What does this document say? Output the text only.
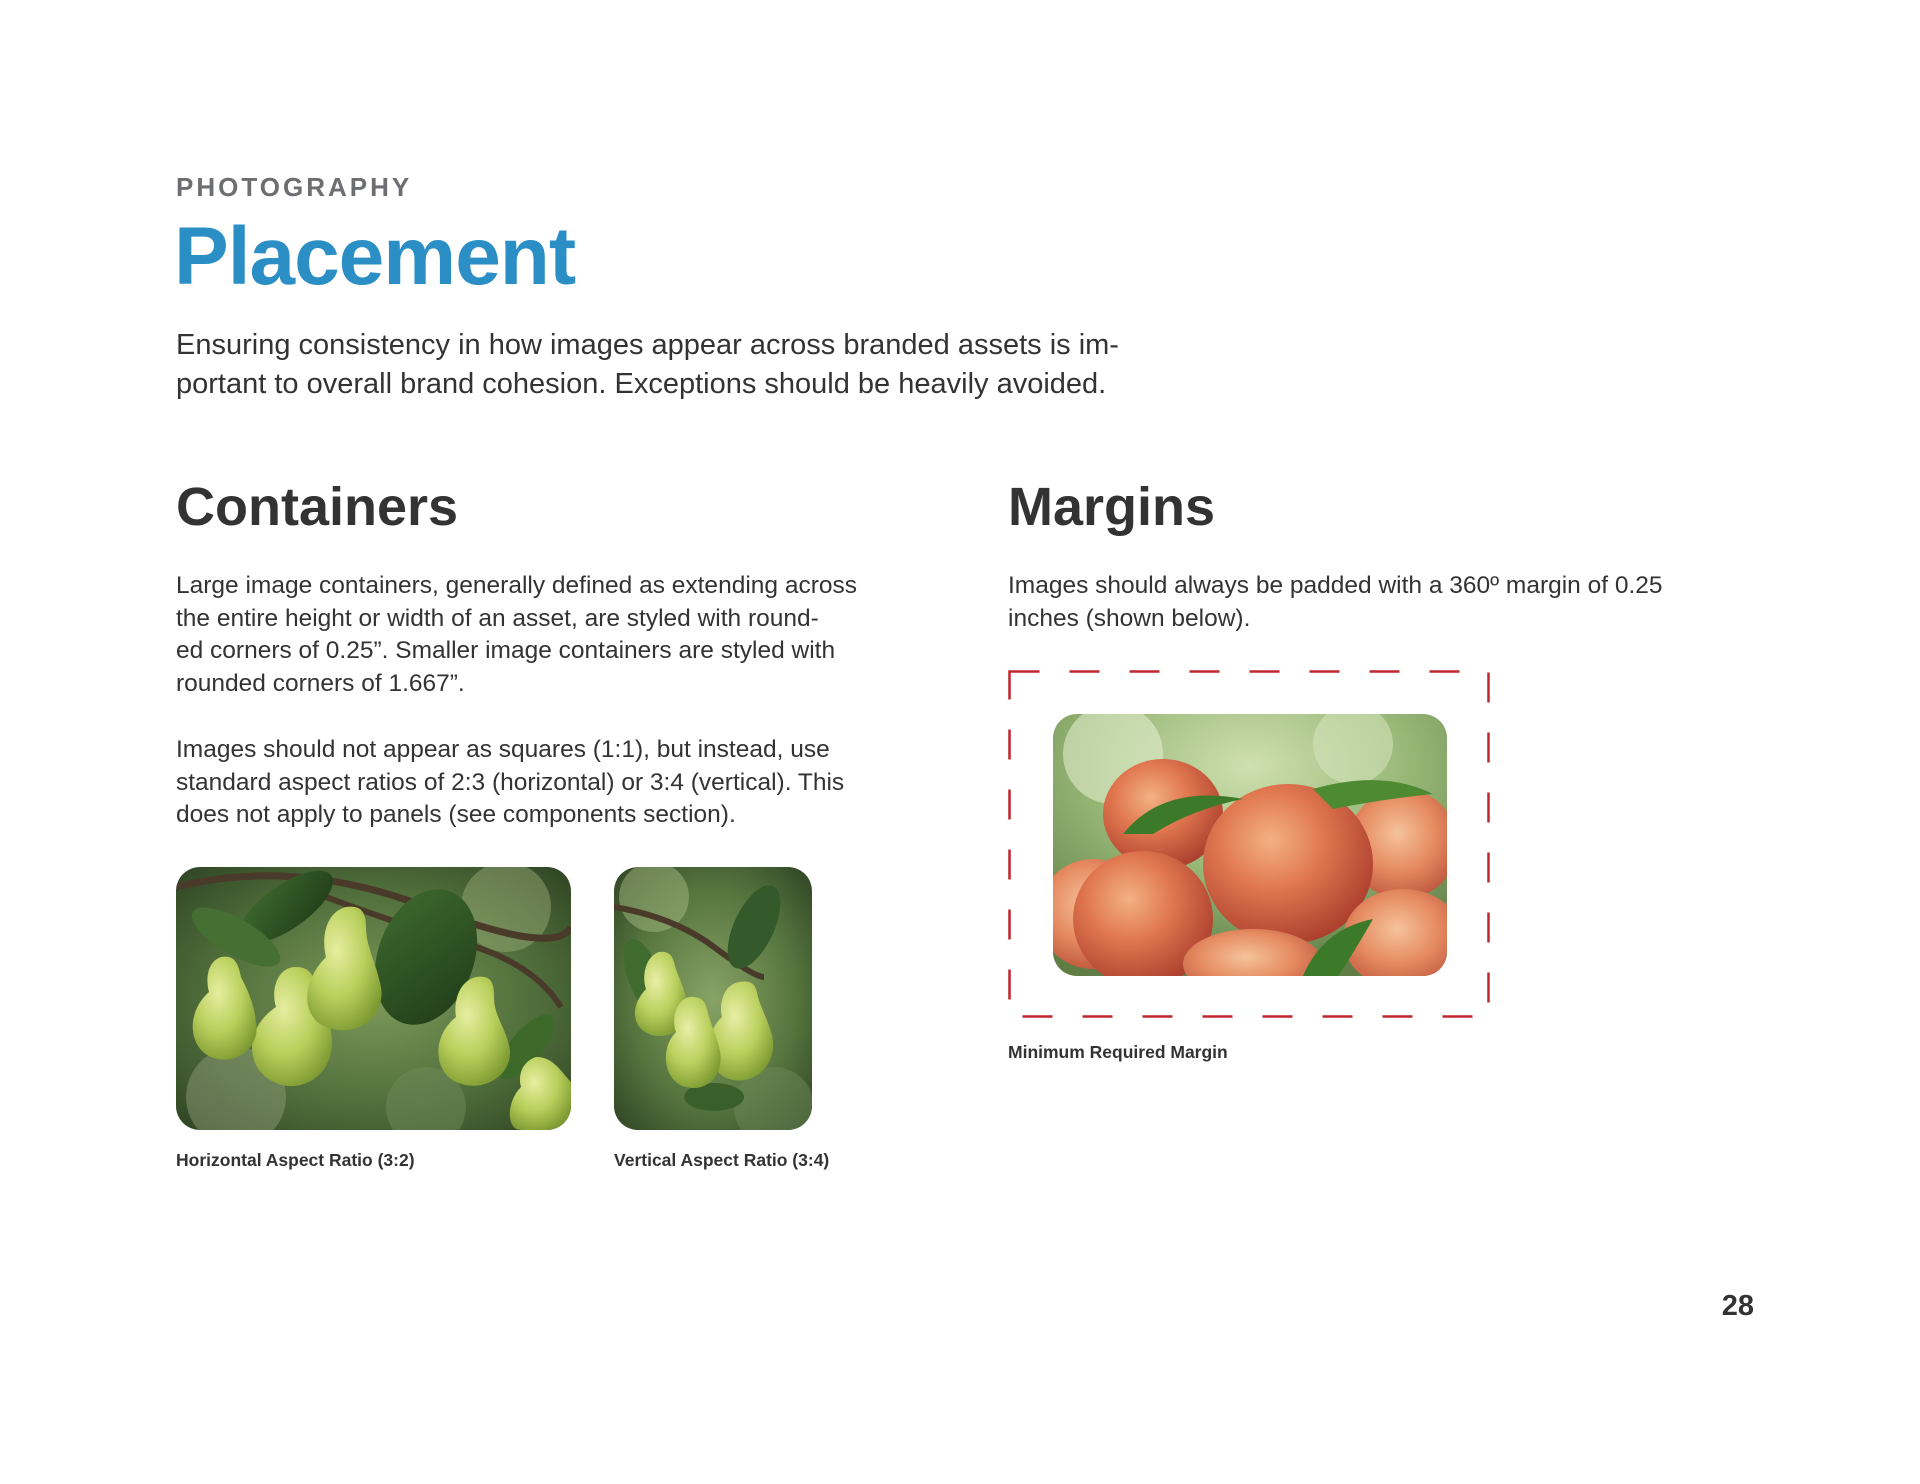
PHOTOGRAPHY

Placement

Ensuring consistency in how images appear across branded assets is im-
portant to overall brand cohesion. Exceptions should be heavily avoided.

Containers

Large image containers, generally defined as extending across
the entire height or width of an asset, are styled with round-
ed corners of 0.25”. Smaller image containers are styled with
rounded corners of 1.667”.

Images should not appear as squares (1:1), but instead, use
standard aspect ratios of 2:3 (horizontal) or 3:4 (vertical). This
does not apply to panels (see components section).

Horizontal Aspect Ratio (3:2)	Vertical Aspect Ratio (3:4)

Margins

Images should always be padded with a 360º margin of 0.25
inches (shown below).

Minimum Required Margin

28
